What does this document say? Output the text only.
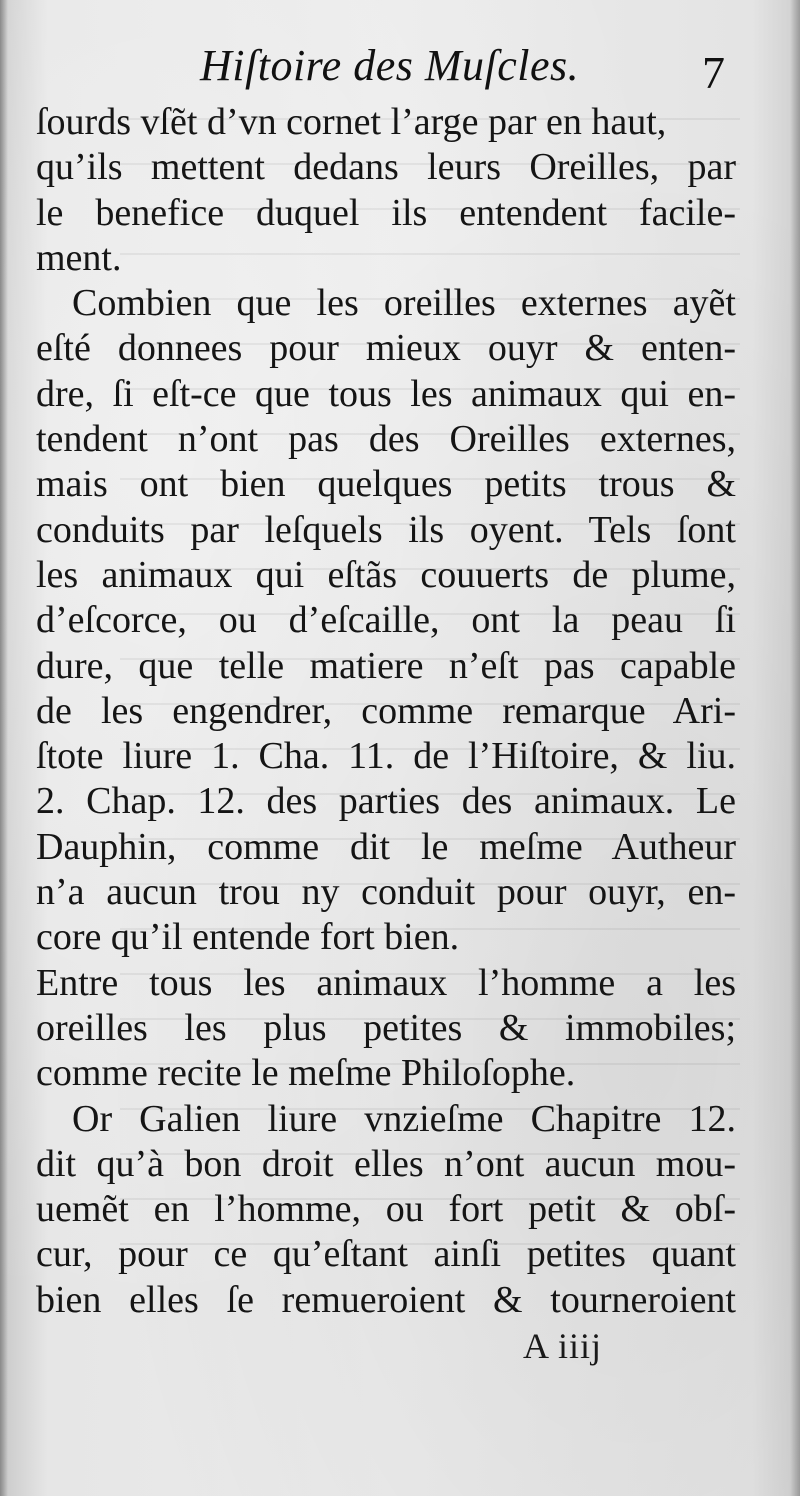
Hiſtoire des Muſcles.	7
ſourds vſẽt d’vn cornet l’arge par en haut,
qu’ils mettent dedans leurs Oreilles, par
le benefice duquel ils entendent facile-
ment.
Combien que les oreilles externes ayẽt
eſté donnees pour mieux ouyr & enten-
dre, ſi eſt-ce que tous les animaux qui en-
tendent n’ont pas des Oreilles externes,
mais ont bien quelques petits trous &
conduits par leſquels ils oyent. Tels ſont
les animaux qui eſtãs couuerts de plume,
d’eſcorce, ou d’eſcaille, ont la peau ſi
dure, que telle matiere n’eſt pas capable
de les engendrer, comme remarque Ari-
ſtote liure 1. Cha. 11. de l’Hiſtoire, & liu.
2. Chap. 12. des parties des animaux. Le
Dauphin, comme dit le meſme Autheur
n’a aucun trou ny conduit pour ouyr, en-
core qu’il entende fort bien.
Entre tous les animaux l’homme a les
oreilles les plus petites & immobiles;
comme recite le meſme Philoſophe.
Or Galien liure vnzieſme Chapitre 12.
dit qu’à bon droit elles n’ont aucun mou-
uemẽt en l’homme, ou fort petit & obſ-
cur, pour ce qu’eſtant ainſi petites quant
bien elles ſe remueroient & tourneroient
A iiij
